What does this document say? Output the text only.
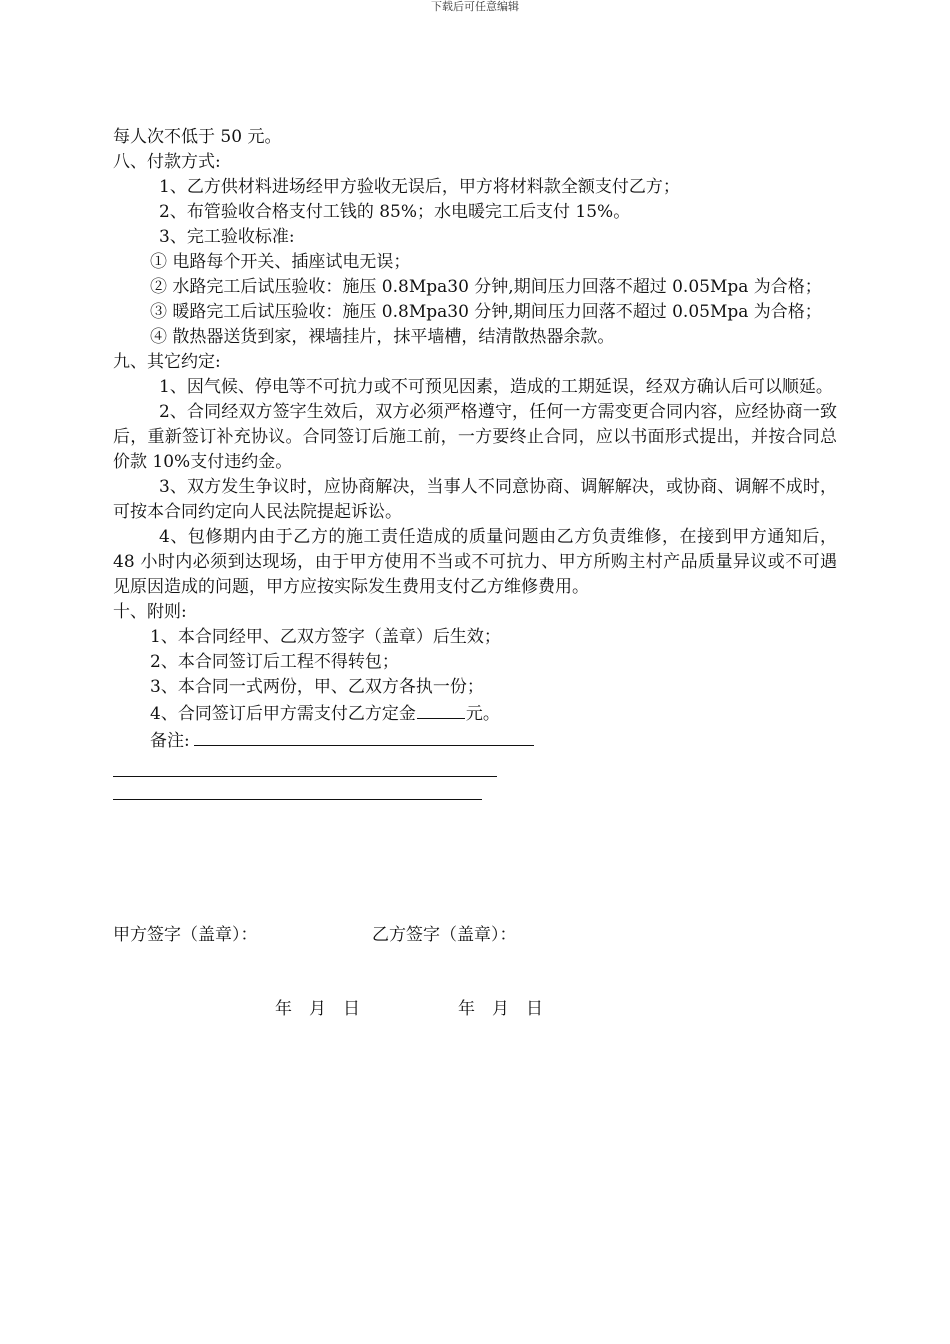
下载后可任意编辑

每人次不低于 50 元。

八、付款方式:

1、乙方供材料进场经甲方验收无误后，甲方将材料款全额支付乙方；

2、布管验收合格支付工钱的 85%；水电暖完工后支付 15%。

3、完工验收标准:

① 电路每个开关、插座试电无误；

② 水路完工后试压验收：施压 0.8Mpa30 分钟,期间压力回落不超过 0.05Mpa 为合格；

③ 暖路完工后试压验收：施压 0.8Mpa30 分钟,期间压力回落不超过 0.05Mpa 为合格；

④ 散热器送货到家，裸墙挂片，抹平墙槽，结清散热器余款。

九、其它约定:

1、因气候、停电等不可抗力或不可预见因素，造成的工期延误，经双方确认后可以顺延。

2、合同经双方签字生效后，双方必须严格遵守，任何一方需变更合同内容，应经协商一致后，重新签订补充协议。合同签订后施工前，一方要终止合同，应以书面形式提出，并按合同总价款 10%支付违约金。

3、双方发生争议时，应协商解决，当事人不同意协商、调解解决，或协商、调解不成时，可按本合同约定向人民法院提起诉讼。

4、包修期内由于乙方的施工责任造成的质量问题由乙方负责维修，在接到甲方通知后，48 小时内必须到达现场，由于甲方使用不当或不可抗力、甲方所购主村产品质量异议或不可遇见原因造成的问题，甲方应按实际发生费用支付乙方维修费用。

十、附则:

1、本合同经甲、乙双方签字（盖章）后生效；

2、本合同签订后工程不得转包；

3、本合同一式两份，甲、乙双方各执一份；

4、合同签订后甲方需支付乙方定金	元。

备注:

甲方签字（盖章）：	乙方签字（盖章）：
年　月　日	年　月　日
